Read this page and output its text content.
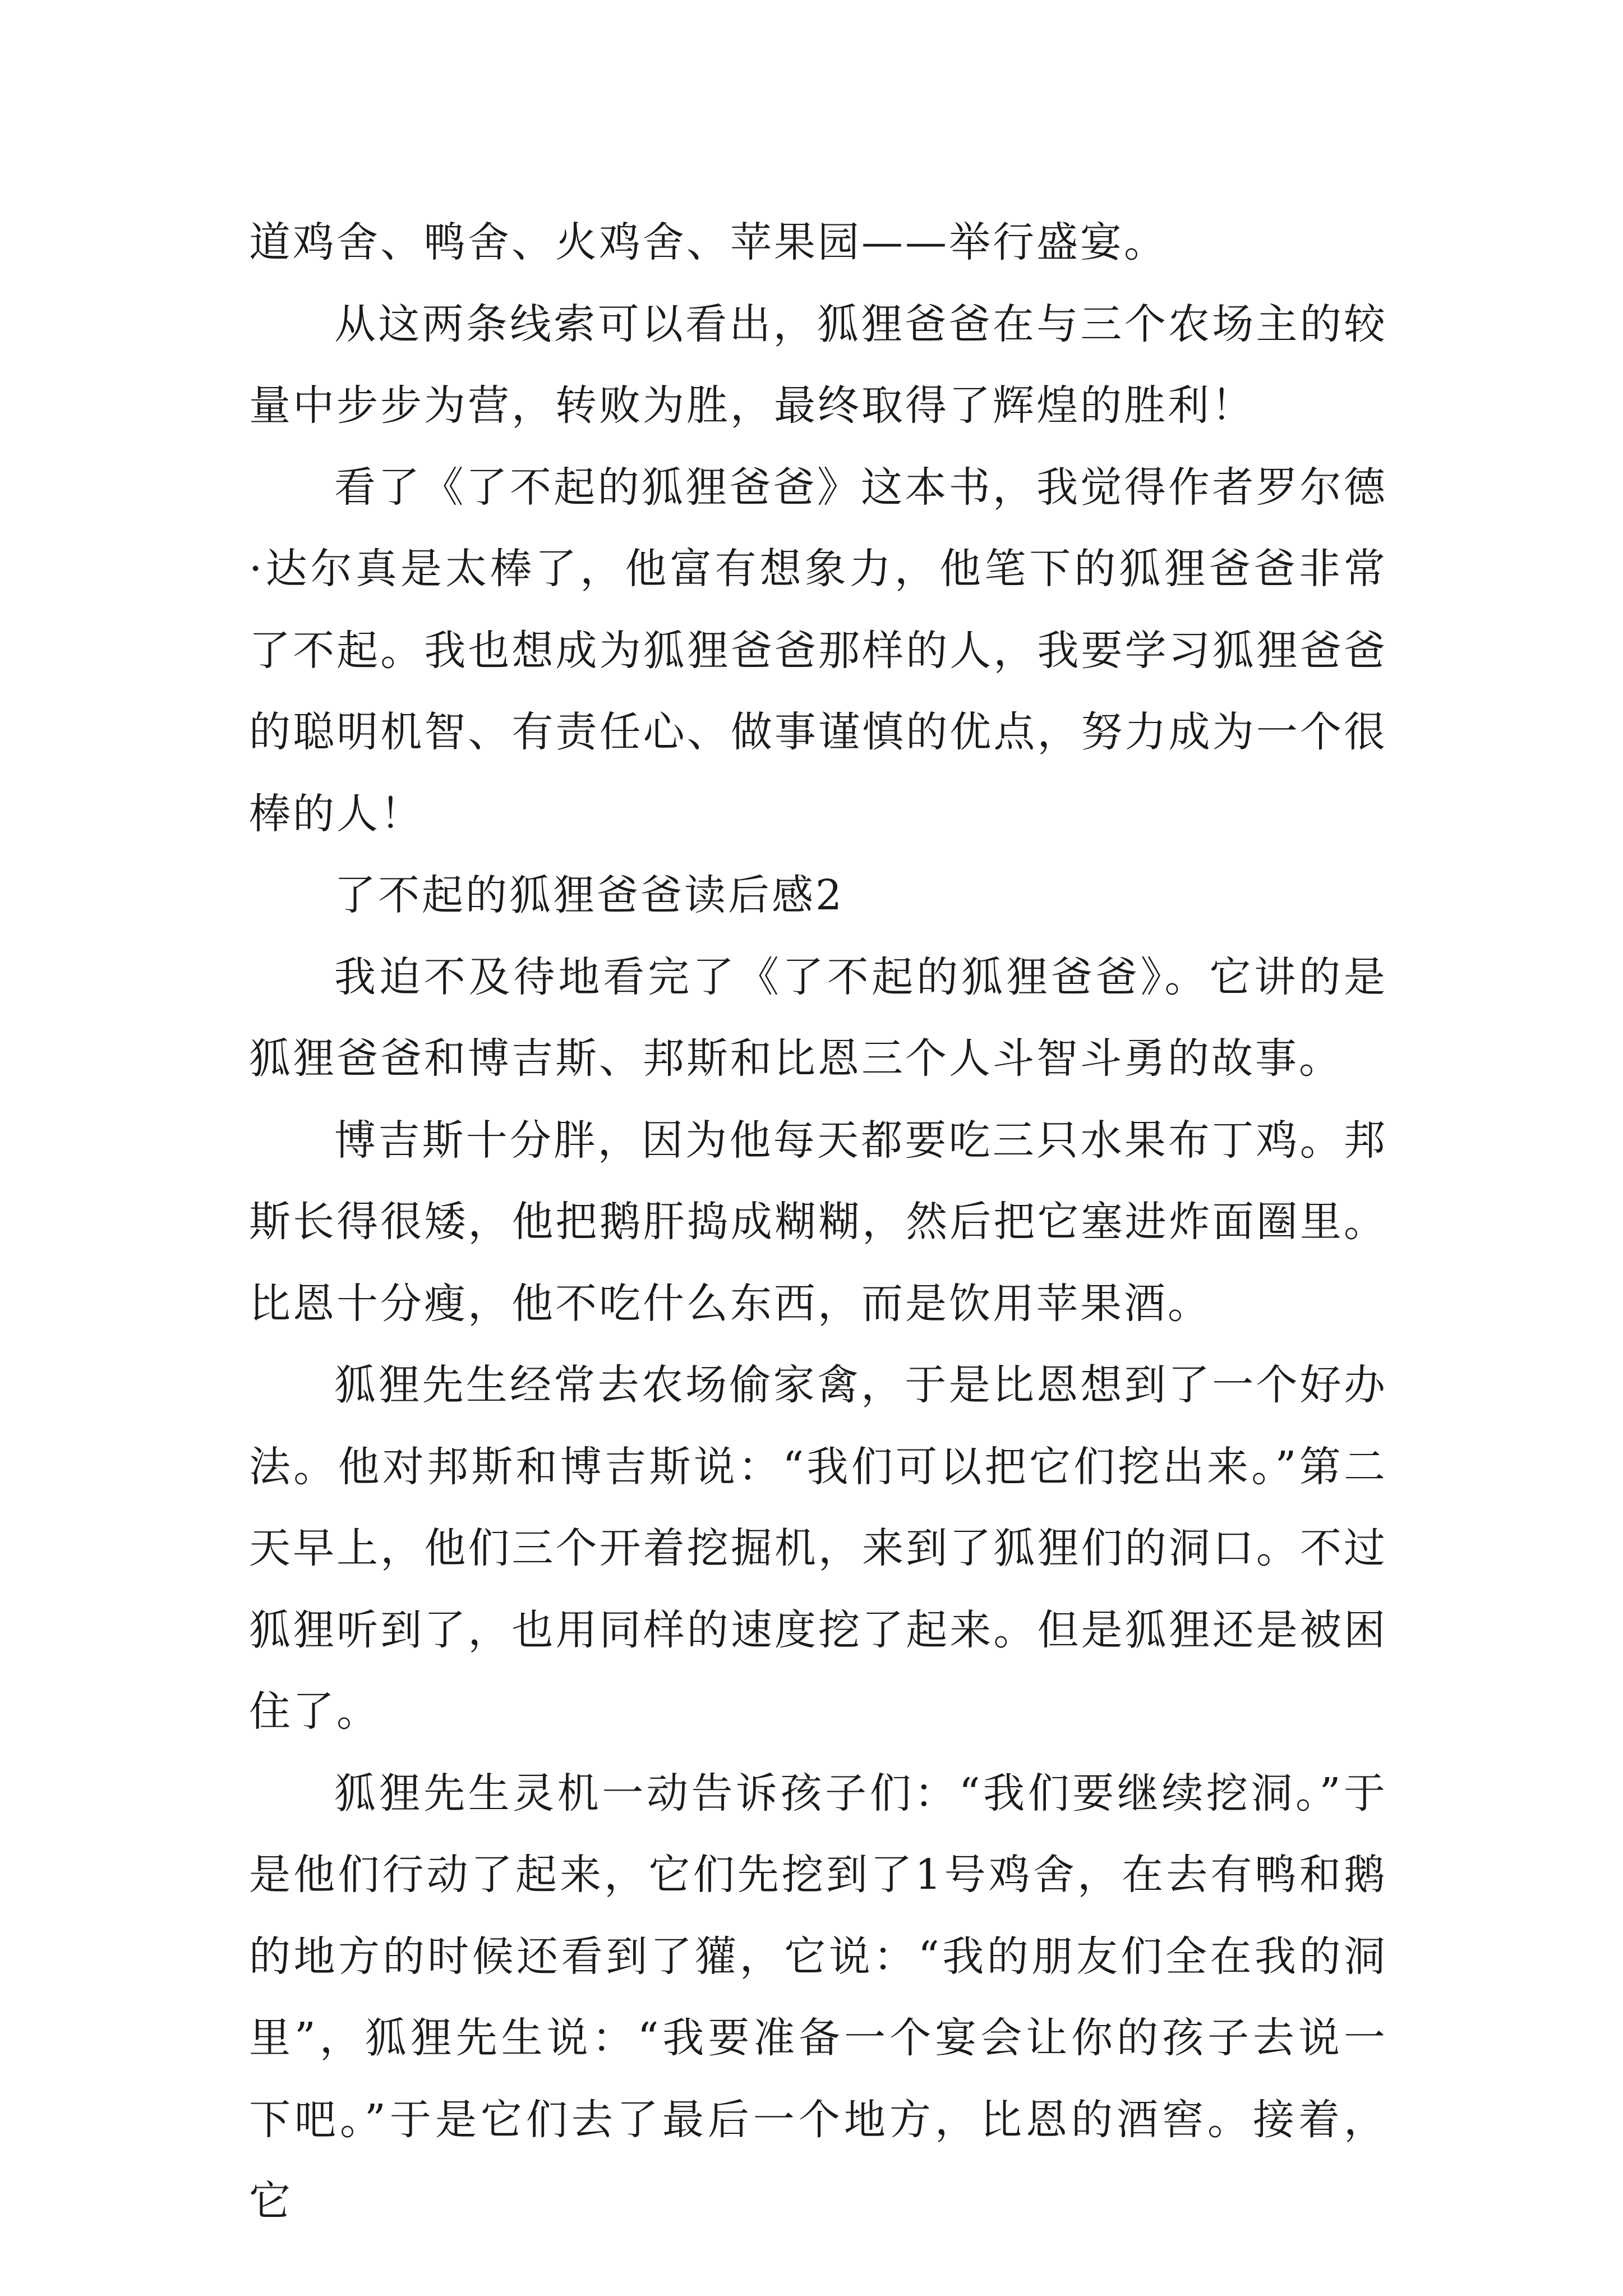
道鸡舍、鸭舍、火鸡舍、苹果园——举行盛宴。

从这两条线索可以看出，狐狸爸爸在与三个农场主的较量中步步为营，转败为胜，最终取得了辉煌的胜利！

看了《了不起的狐狸爸爸》这本书，我觉得作者罗尔德·达尔真是太棒了，他富有想象力，他笔下的狐狸爸爸非常了不起。我也想成为狐狸爸爸那样的人，我要学习狐狸爸爸的聪明机智、有责任心、做事谨慎的优点，努力成为一个很棒的人！

了不起的狐狸爸爸读后感2

我迫不及待地看完了《了不起的狐狸爸爸》。它讲的是狐狸爸爸和博吉斯、邦斯和比恩三个人斗智斗勇的故事。

博吉斯十分胖，因为他每天都要吃三只水果布丁鸡。邦斯长得很矮，他把鹅肝捣成糊糊，然后把它塞进炸面圈里。比恩十分瘦，他不吃什么东西，而是饮用苹果酒。

狐狸先生经常去农场偷家禽，于是比恩想到了一个好办法。他对邦斯和博吉斯说：“我们可以把它们挖出来。”第二天早上，他们三个开着挖掘机，来到了狐狸们的洞口。不过狐狸听到了，也用同样的速度挖了起来。但是狐狸还是被困住了。

狐狸先生灵机一动告诉孩子们：“我们要继续挖洞。”于是他们行动了起来，它们先挖到了1号鸡舍，在去有鸭和鹅的地方的时候还看到了獾，它说：“我的朋友们全在我的洞里”，狐狸先生说：“我要准备一个宴会让你的孩子去说一下吧。”于是它们去了最后一个地方，比恩的酒窖。接着，它
